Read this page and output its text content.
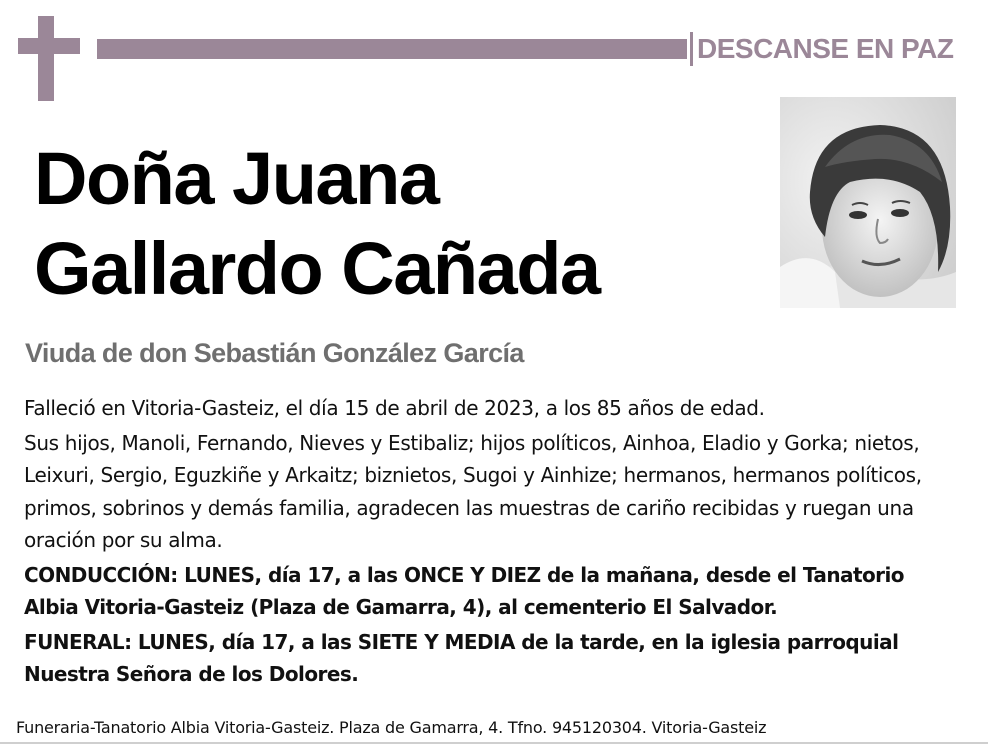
DESCANSE EN PAZ
Doña Juana
Gallardo Cañada
Viuda de don Sebastián González García

Falleció en Vitoria-Gasteiz, el día 15 de abril de 2023, a los 85 años de edad.

Sus hijos, Manoli, Fernando, Nieves y Estibaliz; hijos políticos, Ainhoa, Eladio y Gorka; nietos, Leixuri, Sergio, Eguzkiñe y Arkaitz; biznietos, Sugoi y Ainhize; hermanos, hermanos políticos, primos, sobrinos y demás familia, agradecen las muestras de cariño recibidas y ruegan una oración por su alma.

CONDUCCIÓN: LUNES, día 17, a las ONCE Y DIEZ de la mañana, desde el Tanatorio Albia Vitoria-Gasteiz (Plaza de Gamarra, 4), al cementerio El Salvador.

FUNERAL: LUNES, día 17, a las SIETE Y MEDIA de la tarde, en la iglesia parroquial Nuestra Señora de los Dolores.

Funeraria-Tanatorio Albia Vitoria-Gasteiz. Plaza de Gamarra, 4. Tfno. 945120304. Vitoria-Gasteiz
